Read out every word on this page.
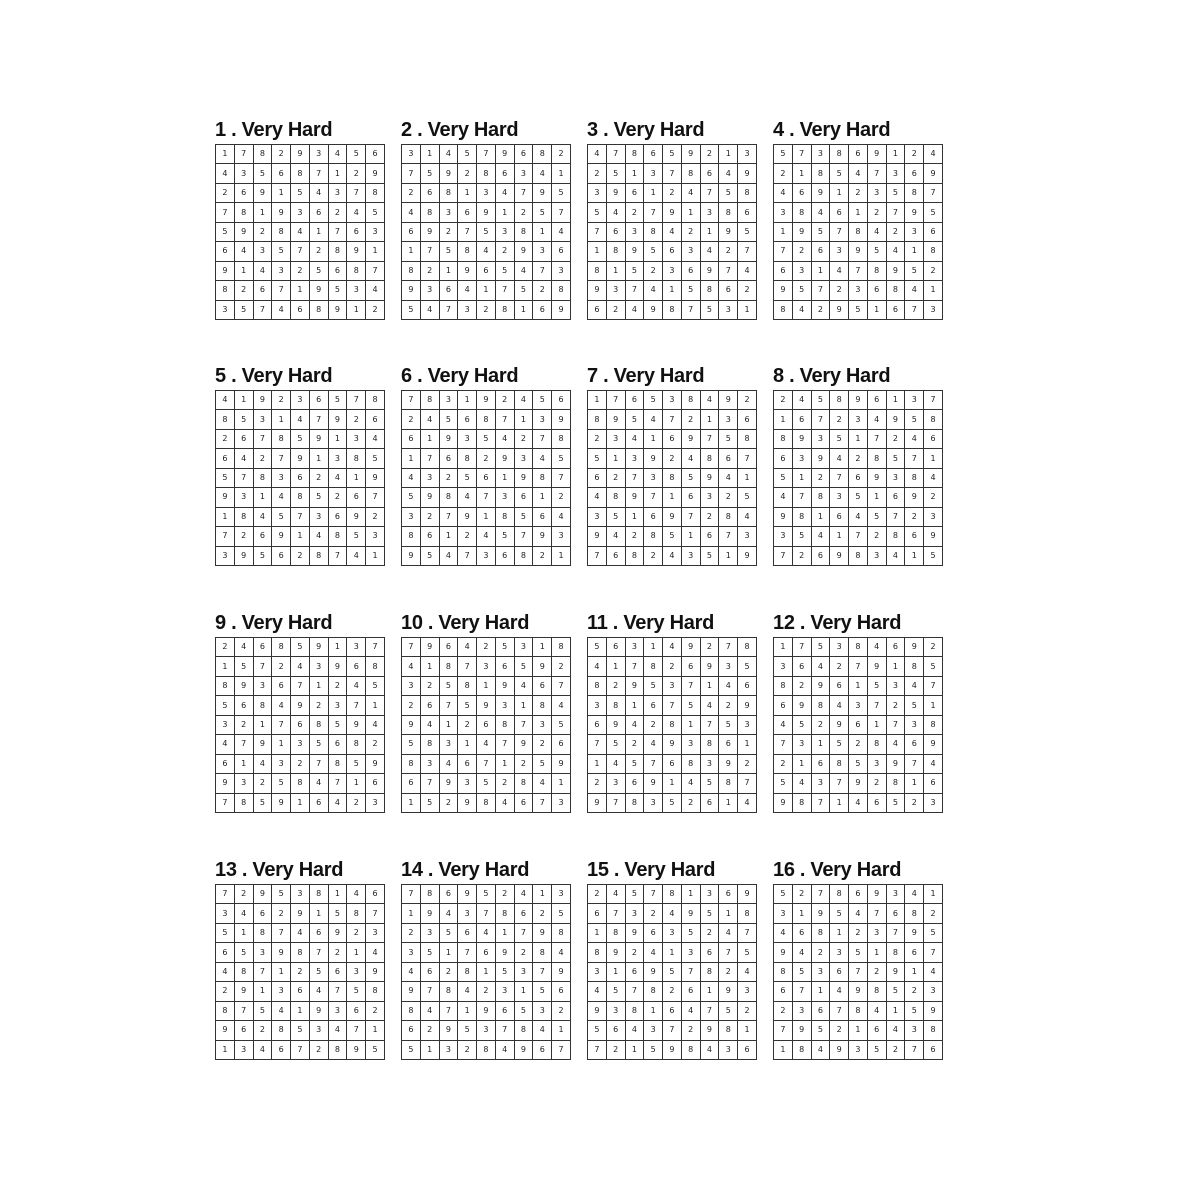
1 . Very Hard
1	7	8	2	9	3	4	5	6
4	3	5	6	8	7	1	2	9
2	6	9	1	5	4	3	7	8
7	8	1	9	3	6	2	4	5
5	9	2	8	4	1	7	6	3
6	4	3	5	7	2	8	9	1
9	1	4	3	2	5	6	8	7
8	2	6	7	1	9	5	3	4
3	5	7	4	6	8	9	1	2
2 . Very Hard
3	1	4	5	7	9	6	8	2
7	5	9	2	8	6	3	4	1
2	6	8	1	3	4	7	9	5
4	8	3	6	9	1	2	5	7
6	9	2	7	5	3	8	1	4
1	7	5	8	4	2	9	3	6
8	2	1	9	6	5	4	7	3
9	3	6	4	1	7	5	2	8
5	4	7	3	2	8	1	6	9
3 . Very Hard
4	7	8	6	5	9	2	1	3
2	5	1	3	7	8	6	4	9
3	9	6	1	2	4	7	5	8
5	4	2	7	9	1	3	8	6
7	6	3	8	4	2	1	9	5
1	8	9	5	6	3	4	2	7
8	1	5	2	3	6	9	7	4
9	3	7	4	1	5	8	6	2
6	2	4	9	8	7	5	3	1
4 . Very Hard
5	7	3	8	6	9	1	2	4
2	1	8	5	4	7	3	6	9
4	6	9	1	2	3	5	8	7
3	8	4	6	1	2	7	9	5
1	9	5	7	8	4	2	3	6
7	2	6	3	9	5	4	1	8
6	3	1	4	7	8	9	5	2
9	5	7	2	3	6	8	4	1
8	4	2	9	5	1	6	7	3
5 . Very Hard
4	1	9	2	3	6	5	7	8
8	5	3	1	4	7	9	2	6
2	6	7	8	5	9	1	3	4
6	4	2	7	9	1	3	8	5
5	7	8	3	6	2	4	1	9
9	3	1	4	8	5	2	6	7
1	8	4	5	7	3	6	9	2
7	2	6	9	1	4	8	5	3
3	9	5	6	2	8	7	4	1
6 . Very Hard
7	8	3	1	9	2	4	5	6
2	4	5	6	8	7	1	3	9
6	1	9	3	5	4	2	7	8
1	7	6	8	2	9	3	4	5
4	3	2	5	6	1	9	8	7
5	9	8	4	7	3	6	1	2
3	2	7	9	1	8	5	6	4
8	6	1	2	4	5	7	9	3
9	5	4	7	3	6	8	2	1
7 . Very Hard
1	7	6	5	3	8	4	9	2
8	9	5	4	7	2	1	3	6
2	3	4	1	6	9	7	5	8
5	1	3	9	2	4	8	6	7
6	2	7	3	8	5	9	4	1
4	8	9	7	1	6	3	2	5
3	5	1	6	9	7	2	8	4
9	4	2	8	5	1	6	7	3
7	6	8	2	4	3	5	1	9
8 . Very Hard
2	4	5	8	9	6	1	3	7
1	6	7	2	3	4	9	5	8
8	9	3	5	1	7	2	4	6
6	3	9	4	2	8	5	7	1
5	1	2	7	6	9	3	8	4
4	7	8	3	5	1	6	9	2
9	8	1	6	4	5	7	2	3
3	5	4	1	7	2	8	6	9
7	2	6	9	8	3	4	1	5
9 . Very Hard
2	4	6	8	5	9	1	3	7
1	5	7	2	4	3	9	6	8
8	9	3	6	7	1	2	4	5
5	6	8	4	9	2	3	7	1
3	2	1	7	6	8	5	9	4
4	7	9	1	3	5	6	8	2
6	1	4	3	2	7	8	5	9
9	3	2	5	8	4	7	1	6
7	8	5	9	1	6	4	2	3
10 . Very Hard
7	9	6	4	2	5	3	1	8
4	1	8	7	3	6	5	9	2
3	2	5	8	1	9	4	6	7
2	6	7	5	9	3	1	8	4
9	4	1	2	6	8	7	3	5
5	8	3	1	4	7	9	2	6
8	3	4	6	7	1	2	5	9
6	7	9	3	5	2	8	4	1
1	5	2	9	8	4	6	7	3
11 . Very Hard
5	6	3	1	4	9	2	7	8
4	1	7	8	2	6	9	3	5
8	2	9	5	3	7	1	4	6
3	8	1	6	7	5	4	2	9
6	9	4	2	8	1	7	5	3
7	5	2	4	9	3	8	6	1
1	4	5	7	6	8	3	9	2
2	3	6	9	1	4	5	8	7
9	7	8	3	5	2	6	1	4
12 . Very Hard
1	7	5	3	8	4	6	9	2
3	6	4	2	7	9	1	8	5
8	2	9	6	1	5	3	4	7
6	9	8	4	3	7	2	5	1
4	5	2	9	6	1	7	3	8
7	3	1	5	2	8	4	6	9
2	1	6	8	5	3	9	7	4
5	4	3	7	9	2	8	1	6
9	8	7	1	4	6	5	2	3
13 . Very Hard
7	2	9	5	3	8	1	4	6
3	4	6	2	9	1	5	8	7
5	1	8	7	4	6	9	2	3
6	5	3	9	8	7	2	1	4
4	8	7	1	2	5	6	3	9
2	9	1	3	6	4	7	5	8
8	7	5	4	1	9	3	6	2
9	6	2	8	5	3	4	7	1
1	3	4	6	7	2	8	9	5
14 . Very Hard
7	8	6	9	5	2	4	1	3
1	9	4	3	7	8	6	2	5
2	3	5	6	4	1	7	9	8
3	5	1	7	6	9	2	8	4
4	6	2	8	1	5	3	7	9
9	7	8	4	2	3	1	5	6
8	4	7	1	9	6	5	3	2
6	2	9	5	3	7	8	4	1
5	1	3	2	8	4	9	6	7
15 . Very Hard
2	4	5	7	8	1	3	6	9
6	7	3	2	4	9	5	1	8
1	8	9	6	3	5	2	4	7
8	9	2	4	1	3	6	7	5
3	1	6	9	5	7	8	2	4
4	5	7	8	2	6	1	9	3
9	3	8	1	6	4	7	5	2
5	6	4	3	7	2	9	8	1
7	2	1	5	9	8	4	3	6
16 . Very Hard
5	2	7	8	6	9	3	4	1
3	1	9	5	4	7	6	8	2
4	6	8	1	2	3	7	9	5
9	4	2	3	5	1	8	6	7
8	5	3	6	7	2	9	1	4
6	7	1	4	9	8	5	2	3
2	3	6	7	8	4	1	5	9
7	9	5	2	1	6	4	3	8
1	8	4	9	3	5	2	7	6
